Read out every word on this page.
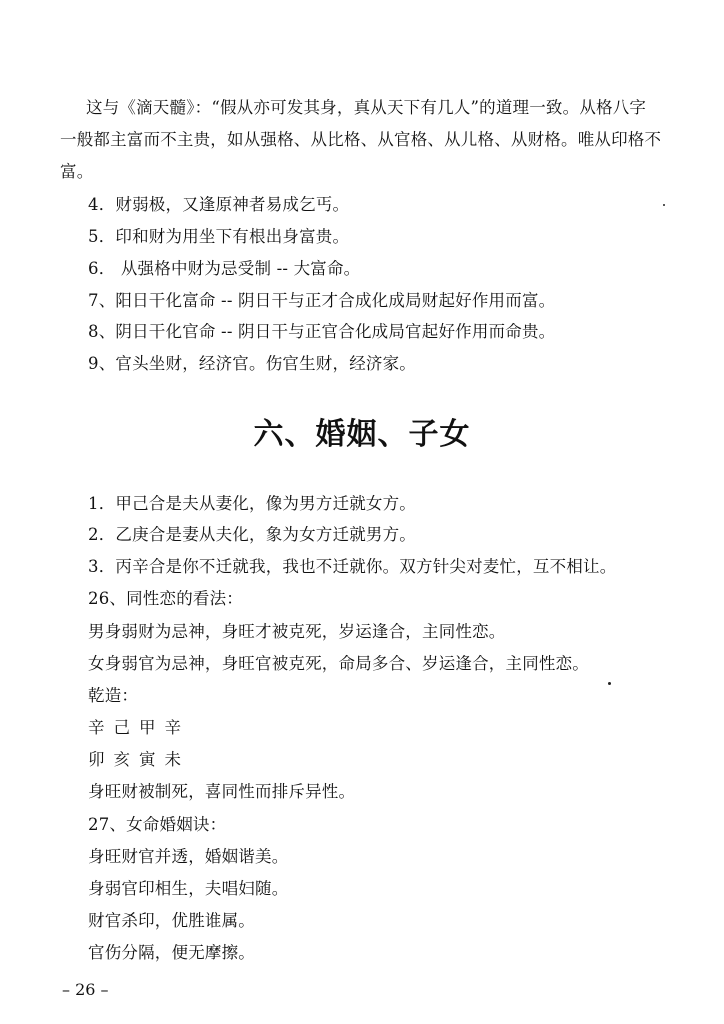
这与《滴天髓》：“假从亦可发其身，真从天下有几人”的道理一致。从格八字
一般都主富而不主贵，如从强格、从比格、从官格、从儿格、从财格。唯从印格不
富。
4．财弱极，又逢原神者易成乞丐。
5．印和财为用坐下有根出身富贵。
6． 从强格中财为忌受制 -- 大富命。
7、阳日干化富命 -- 阴日干与正才合成化成局财起好作用而富。
8、阴日干化官命 -- 阴日干与正官合化成局官起好作用而命贵。
9、官头坐财，经济官。伤官生财，经济家。
六、婚姻、子女
1．甲己合是夫从妻化，像为男方迁就女方。
2．乙庚合是妻从夫化，象为女方迁就男方。
3．丙辛合是你不迁就我，我也不迁就你。双方针尖对麦忙，互不相让。
26、同性恋的看法：
男身弱财为忌神，身旺才被克死，岁运逢合，主同性恋。
女身弱官为忌神，身旺官被克死，命局多合、岁运逢合，主同性恋。
乾造：
辛己甲辛
卯亥寅未
身旺财被制死，喜同性而排斥异性。
27、女命婚姻诀：
身旺财官并透，婚姻谐美。
身弱官印相生，夫唱妇随。
财官杀印，优胜谁属。
官伤分隔，便无摩擦。
– 26 –
